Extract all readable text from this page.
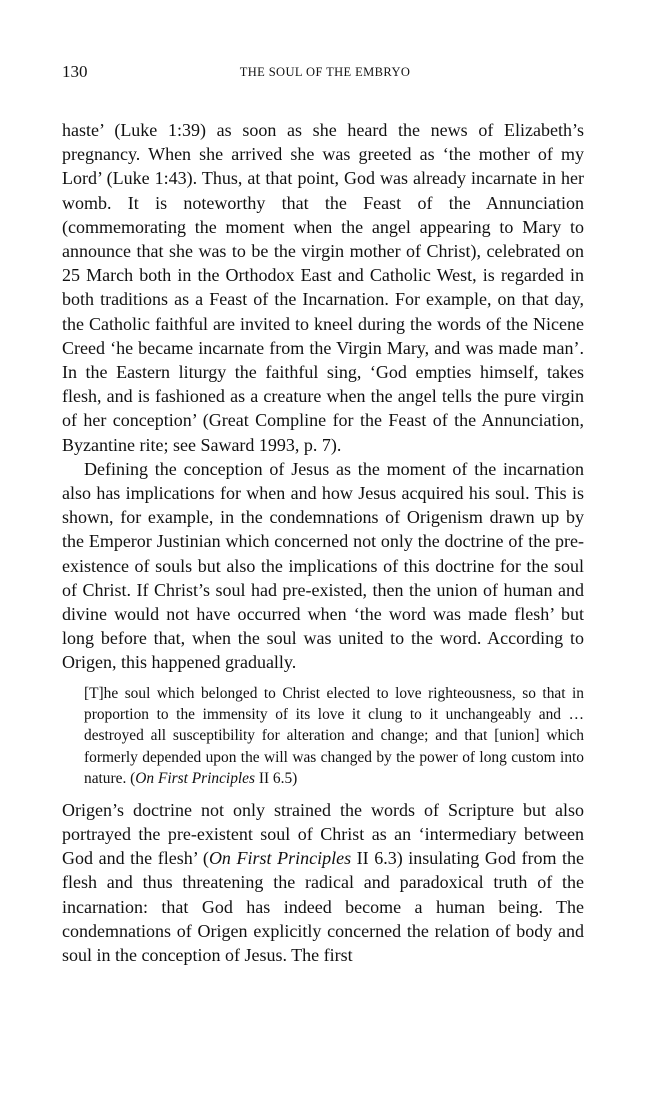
130	THE SOUL OF THE EMBRYO

haste’ (Luke 1:39) as soon as she heard the news of Elizabeth’s pregnancy. When she arrived she was greeted as ‘the mother of my Lord’ (Luke 1:43). Thus, at that point, God was already incarnate in her womb. It is noteworthy that the Feast of the Annunciation (commemorating the moment when the angel appearing to Mary to announce that she was to be the virgin mother of Christ), celebrated on 25 March both in the Orthodox East and Catholic West, is regarded in both traditions as a Feast of the Incarnation. For example, on that day, the Catholic faithful are invited to kneel during the words of the Nicene Creed ‘he became incarnate from the Virgin Mary, and was made man’. In the Eastern liturgy the faithful sing, ‘God empties himself, takes flesh, and is fashioned as a creature when the angel tells the pure virgin of her conception’ (Great Compline for the Feast of the Annunciation, Byzantine rite; see Saward 1993, p. 7).

Defining the conception of Jesus as the moment of the incarnation also has implications for when and how Jesus acquired his soul. This is shown, for example, in the condemnations of Origenism drawn up by the Emperor Justinian which concerned not only the doctrine of the pre-existence of souls but also the implications of this doctrine for the soul of Christ. If Christ’s soul had pre-existed, then the union of human and divine would not have occurred when ‘the word was made flesh’ but long before that, when the soul was united to the word. According to Origen, this happened gradually.

[T]he soul which belonged to Christ elected to love righteousness, so that in proportion to the immensity of its love it clung to it unchangeably and … destroyed all susceptibility for alteration and change; and that [union] which formerly depended upon the will was changed by the power of long custom into nature. (On First Principles II 6.5)

Origen’s doctrine not only strained the words of Scripture but also portrayed the pre-existent soul of Christ as an ‘intermediary between God and the flesh’ (On First Principles II 6.3) insulating God from the flesh and thus threatening the radical and paradoxical truth of the incarnation: that God has indeed become a human being. The condemnations of Origen explicitly concerned the relation of body and soul in the conception of Jesus. The first
